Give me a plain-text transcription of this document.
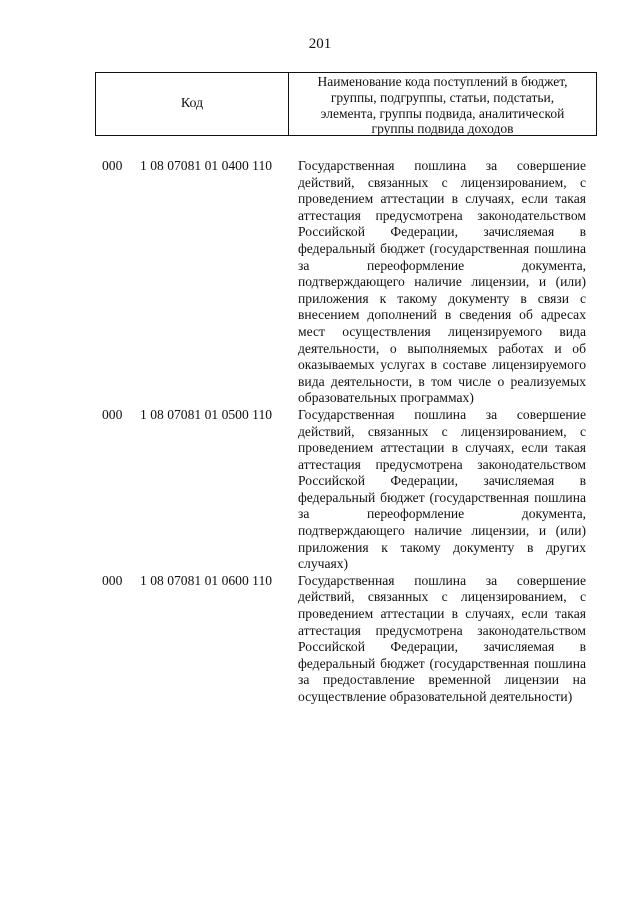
201
Код
Наименование кода поступлений в бюджет,
группы, подгруппы, статьи, подстатьи,
элемента, группы подвида, аналитической
группы подвида доходов
000 1 08 07081 01 0400 110 Государственная пошлина за совершение действий, связанных с лицензированием, с проведением аттестации в случаях, если такая аттестация предусмотрена законодательством Российской Федерации, зачисляемая в федеральный бюджет (государственная пошлина за переоформление документа, подтверждающего наличие лицензии, и (или) приложения к такому документу в связи с внесением дополнений в сведения об адресах мест осуществления лицензируемого вида деятельности, о выполняемых работах и об оказываемых услугах в составе лицензируемого вида деятельности, в том числе о реализуемых образовательных программах)
000 1 08 07081 01 0500 110 Государственная пошлина за совершение действий, связанных с лицензированием, с проведением аттестации в случаях, если такая аттестация предусмотрена законодательством Российской Федерации, зачисляемая в федеральный бюджет (государственная пошлина за переоформление документа, подтверждающего наличие лицензии, и (или) приложения к такому документу в других случаях)
000 1 08 07081 01 0600 110 Государственная пошлина за совершение действий, связанных с лицензированием, с проведением аттестации в случаях, если такая аттестация предусмотрена законодательством Российской Федерации, зачисляемая в федеральный бюджет (государственная пошлина за предоставление временной лицензии на осуществление образовательной деятельности)
